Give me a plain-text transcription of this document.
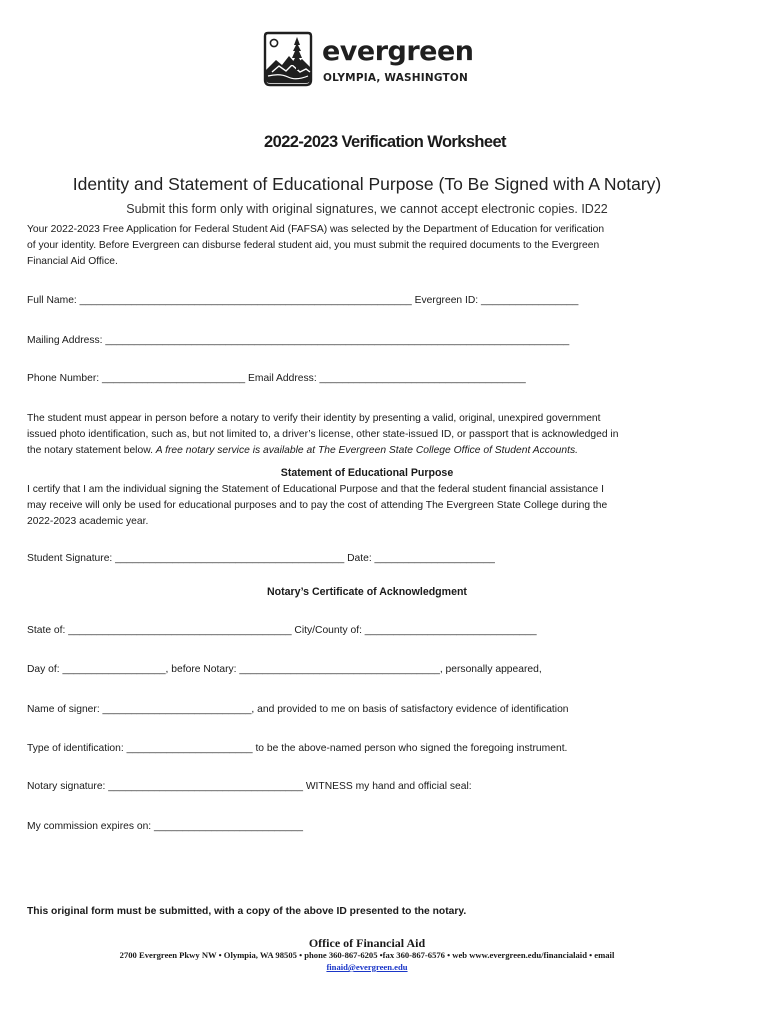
evergreen
OLYMPIA, WASHINGTON
2022-2023 Verification Worksheet
Identity and Statement of Educational Purpose (To Be Signed with A Notary)
Submit this form only with original signatures, we cannot accept electronic copies. ID22
Your 2022-2023 Free Application for Federal Student Aid (FAFSA) was selected by the Department of Education for verification
of your identity. Before Evergreen can disburse federal student aid, you must submit the required documents to the Evergreen
Financial Aid Office.
Full Name: __________________________________________________________ Evergreen ID: _________________
Mailing Address: _________________________________________________________________________________
Phone Number: _________________________ Email Address: ____________________________________
The student must appear in person before a notary to verify their identity by presenting a valid, original, unexpired government
issued photo identification, such as, but not limited to, a driver’s license, other state-issued ID, or passport that is acknowledged in
the notary statement below. A free notary service is available at The Evergreen State College Office of Student Accounts.
Statement of Educational Purpose
I certify that I am the individual signing the Statement of Educational Purpose and that the federal student financial assistance I
may receive will only be used for educational purposes and to pay the cost of attending The Evergreen State College during the
2022-2023 academic year.
Student Signature: ________________________________________ Date: _____________________
Notary’s Certificate of Acknowledgment
State of: _______________________________________ City/County of: ______________________________
Day of: __________________, before Notary: ___________________________________, personally appeared,
Name of signer: __________________________, and provided to me on basis of satisfactory evidence of identification
Type of identification: ______________________ to be the above-named person who signed the foregoing instrument.
Notary signature: __________________________________ WITNESS my hand and official seal:
My commission expires on: __________________________
This original form must be submitted, with a copy of the above ID presented to the notary.
Office of Financial Aid
2700 Evergreen Pkwy NW • Olympia, WA 98505 • phone 360-867-6205 •fax 360-867-6576 • web www.evergreen.edu/financialaid • email
finaid@evergreen.edu
